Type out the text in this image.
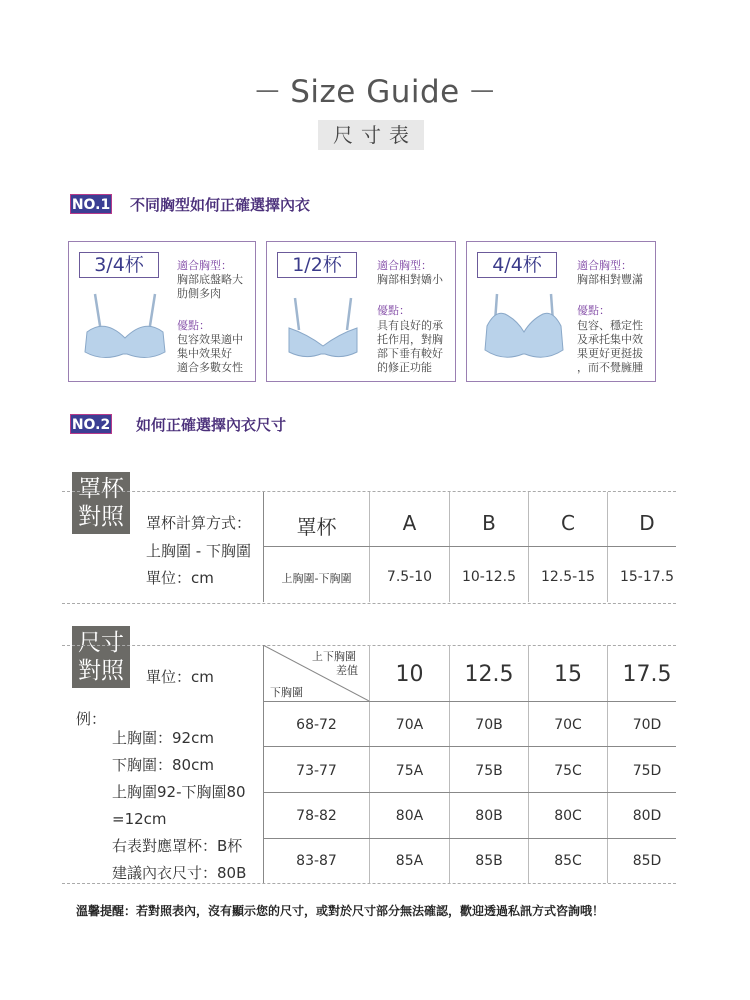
— Size Guide —
尺寸表
NO.1 不同胸型如何正確選擇內衣
3/4杯	適合胸型：
胸部底盤略大
肋側多肉
優點：
包容效果適中
集中效果好
適合多數女性
1/2杯	適合胸型：
胸部相對嬌小
優點：
具有良好的承
托作用，對胸
部下垂有較好
的修正功能
4/4杯	適合胸型：
胸部相對豐滿
優點：
包容、穩定性
及承托集中效
果更好更挺拔
，而不覺臃腫
NO.2 如何正確選擇內衣尺寸
罩杯
對照	罩杯計算方式：
上胸圍 - 下胸圍
單位：cm
罩杯	A	B	C	D
上胸圍-下胸圍	7.5-10	10-12.5	12.5-15	15-17.5
尺寸
對照	單位：cm
上下胸圍
差值
下胸圍
10	12.5	15	17.5
68-72	70A	70B	70C	70D
73-77	75A	75B	75C	75D
78-82	80A	80B	80C	80D
83-87	85A	85B	85C	85D
例：
上胸圍：92cm
下胸圍：80cm
上胸圍92-下胸圍80
=12cm
右表對應罩杯：B杯
建議內衣尺寸：80B
溫馨提醒：若對照表內，沒有顯示您的尺寸，或對於尺寸部分無法確認，歡迎透過私訊方式咨詢哦！
